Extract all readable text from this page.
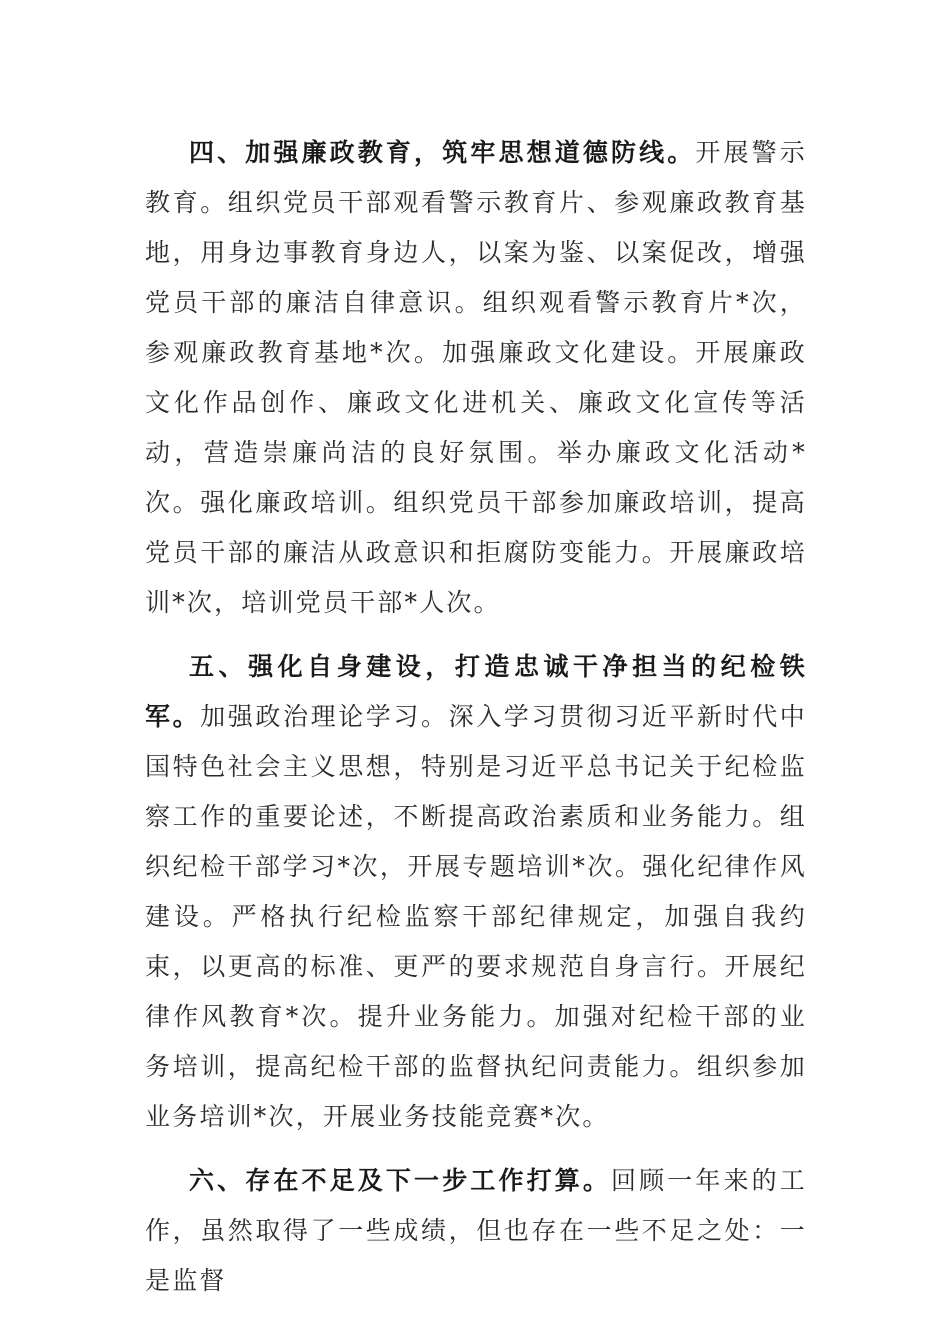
四、加强廉政教育，筑牢思想道德防线。开展警示教育。组织党员干部观看警示教育片、参观廉政教育基地，用身边事教育身边人，以案为鉴、以案促改，增强党员干部的廉洁自律意识。组织观看警示教育片*次，参观廉政教育基地*次。加强廉政文化建设。开展廉政文化作品创作、廉政文化进机关、廉政文化宣传等活动，营造崇廉尚洁的良好氛围。举办廉政文化活动*次。强化廉政培训。组织党员干部参加廉政培训，提高党员干部的廉洁从政意识和拒腐防变能力。开展廉政培训*次，培训党员干部*人次。

五、强化自身建设，打造忠诚干净担当的纪检铁军。加强政治理论学习。深入学习贯彻习近平新时代中国特色社会主义思想，特别是习近平总书记关于纪检监察工作的重要论述，不断提高政治素质和业务能力。组织纪检干部学习*次，开展专题培训*次。强化纪律作风建设。严格执行纪检监察干部纪律规定，加强自我约束，以更高的标准、更严的要求规范自身言行。开展纪律作风教育*次。提升业务能力。加强对纪检干部的业务培训，提高纪检干部的监督执纪问责能力。组织参加业务培训*次，开展业务技能竞赛*次。

六、存在不足及下一步工作打算。回顾一年来的工作，虽然取得了一些成绩，但也存在一些不足之处：一是监督
